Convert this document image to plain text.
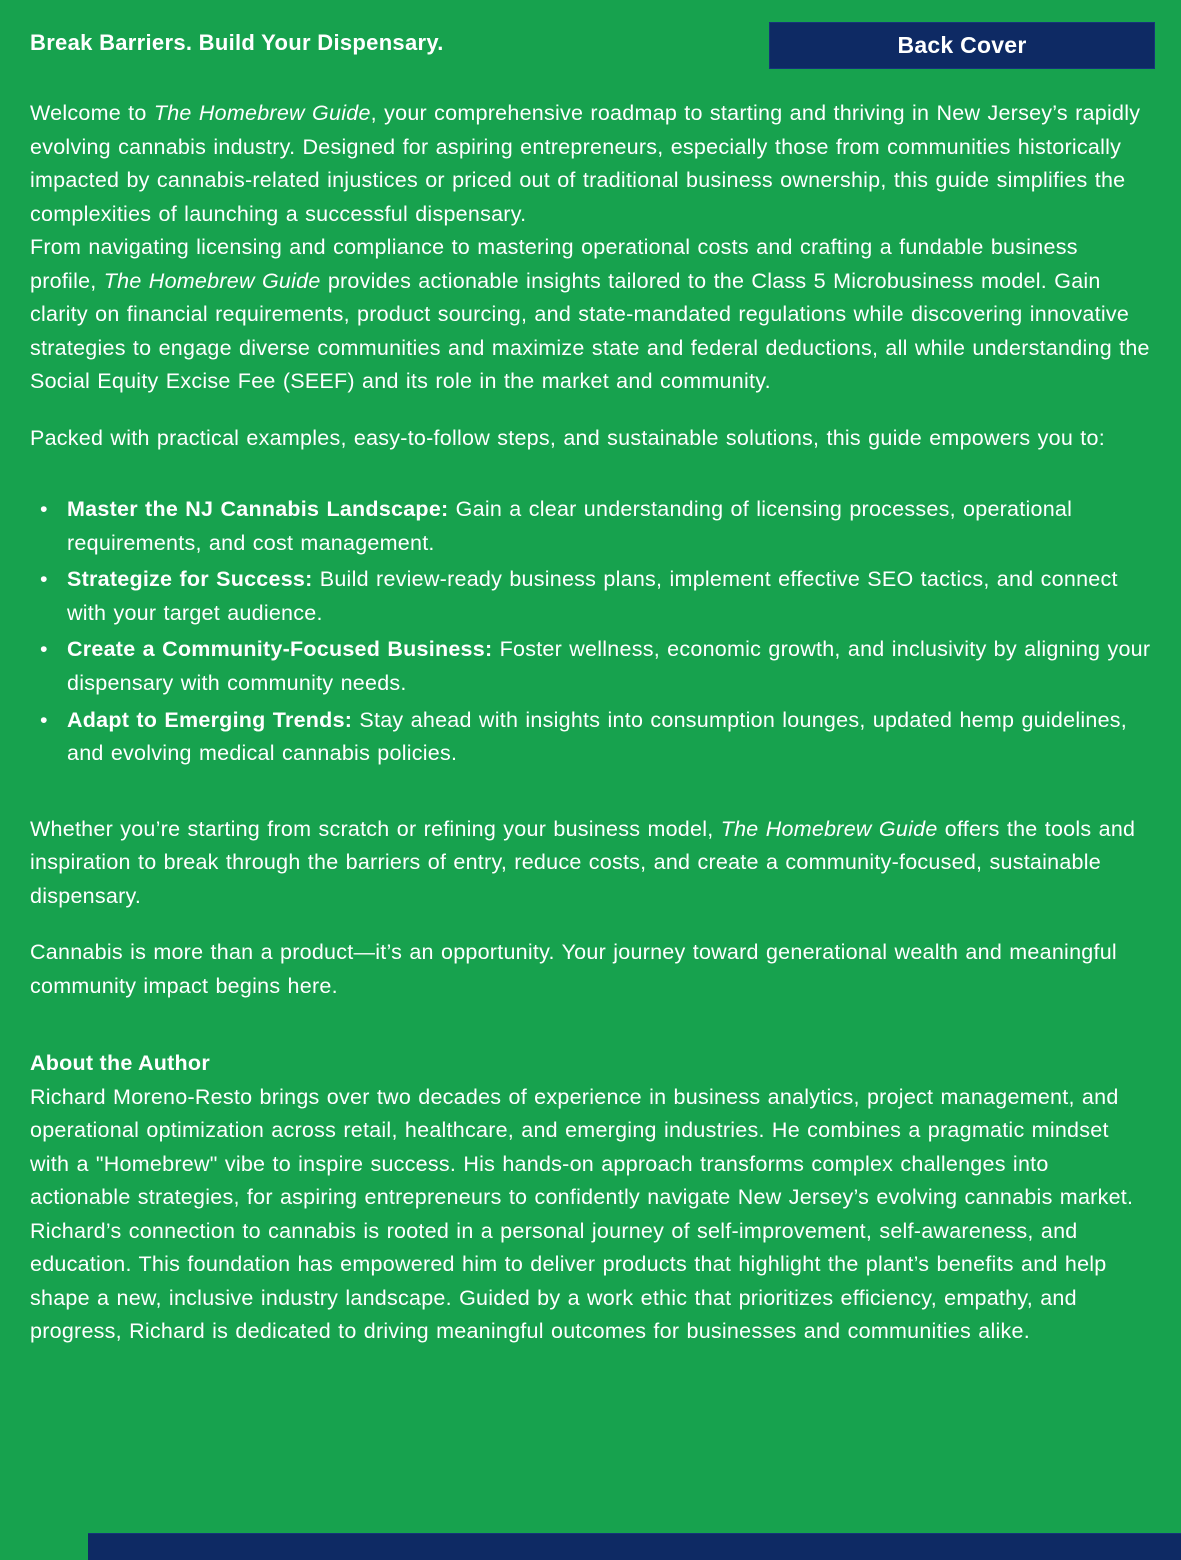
Break Barriers. Build Your Dispensary.	Back Cover

Welcome to The Homebrew Guide, your comprehensive roadmap to starting and thriving in New Jersey’s rapidly evolving cannabis industry. Designed for aspiring entrepreneurs, especially those from communities historically impacted by cannabis-related injustices or priced out of traditional business ownership, this guide simplifies the complexities of launching a successful dispensary.

From navigating licensing and compliance to mastering operational costs and crafting a fundable business profile, The Homebrew Guide provides actionable insights tailored to the Class 5 Microbusiness model. Gain clarity on financial requirements, product sourcing, and state-mandated regulations while discovering innovative strategies to engage diverse communities and maximize state and federal deductions, all while understanding the Social Equity Excise Fee (SEEF) and its role in the market and community.

Packed with practical examples, easy-to-follow steps, and sustainable solutions, this guide empowers you to:

•
Master the NJ Cannabis Landscape: Gain a clear understanding of licensing processes, operational requirements, and cost management.
•
Strategize for Success: Build review-ready business plans, implement effective SEO tactics, and connect with your target audience.
•
Create a Community-Focused Business: Foster wellness, economic growth, and inclusivity by aligning your dispensary with community needs.
•
Adapt to Emerging Trends: Stay ahead with insights into consumption lounges, updated hemp guidelines, and evolving medical cannabis policies.

Whether you’re starting from scratch or refining your business model, The Homebrew Guide offers the tools and inspiration to break through the barriers of entry, reduce costs, and create a community-focused, sustainable dispensary.

Cannabis is more than a product—it’s an opportunity. Your journey toward generational wealth and meaningful community impact begins here.

About the Author

Richard Moreno-Resto brings over two decades of experience in business analytics, project management, and operational optimization across retail, healthcare, and emerging industries. He combines a pragmatic mindset with a "Homebrew" vibe to inspire success. His hands-on approach transforms complex challenges into actionable strategies, for aspiring entrepreneurs to confidently navigate New Jersey’s evolving cannabis market.

Richard’s connection to cannabis is rooted in a personal journey of self-improvement, self-awareness, and education. This foundation has empowered him to deliver products that highlight the plant’s benefits and help shape a new, inclusive industry landscape. Guided by a work ethic that prioritizes efficiency, empathy, and progress, Richard is dedicated to driving meaningful outcomes for businesses and communities alike.
